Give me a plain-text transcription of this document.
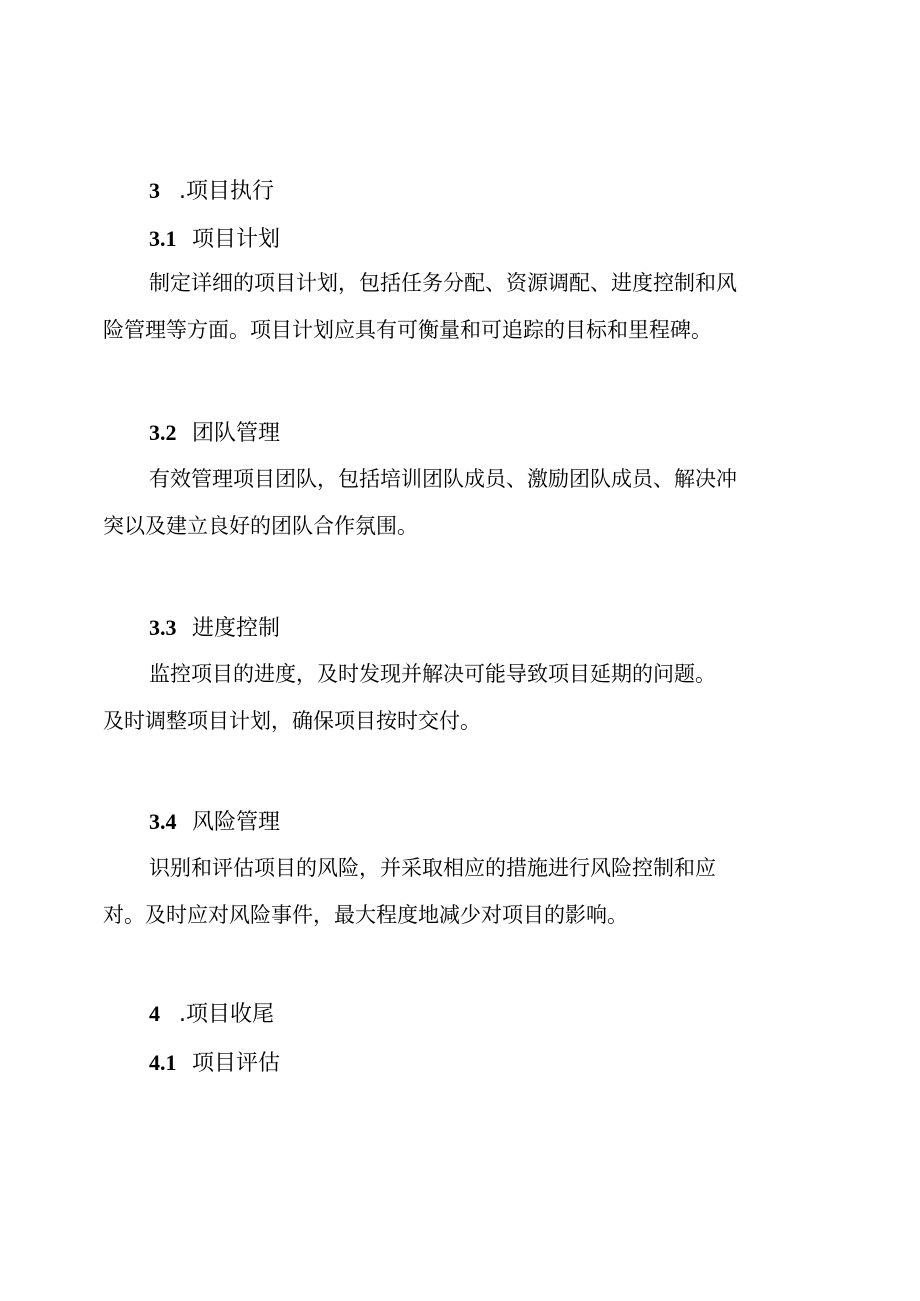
3 .项目执行
3.1 项目计划
制定详细的项目计划，包括任务分配、资源调配、进度控制和风
险管理等方面。项目计划应具有可衡量和可追踪的目标和里程碑。
3.2 团队管理
有效管理项目团队，包括培训团队成员、激励团队成员、解决冲
突以及建立良好的团队合作氛围。
3.3 进度控制
监控项目的进度，及时发现并解决可能导致项目延期的问题。
及时调整项目计划，确保项目按时交付。
3.4 风险管理
识别和评估项目的风险，并采取相应的措施进行风险控制和应
对。及时应对风险事件，最大程度地减少对项目的影响。
4 .项目收尾
4.1 项目评估
